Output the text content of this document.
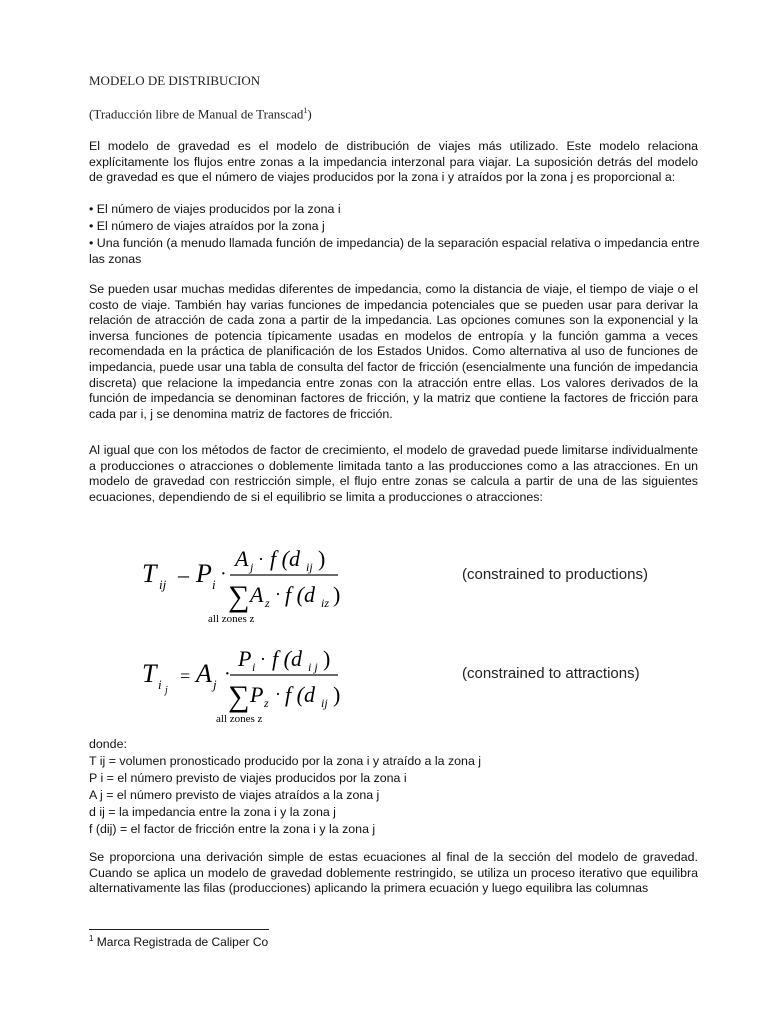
MODELO DE DISTRIBUCION
(Traducción libre de Manual de Transcad$^1$)

El modelo de gravedad es el modelo de distribución de viajes más utilizado. Este modelo relaciona explícitamente los flujos entre zonas a la impedancia interzonal para viajar. La suposición detrás del modelo de gravedad es que el número de viajes producidos por la zona i y atraídos por la zona j es proporcional a:

• El número de viajes producidos por la zona i
• El número de viajes atraídos por la zona j
• Una función (a menudo llamada función de impedancia) de la separación espacial relativa o impedancia entre las zonas

Se pueden usar muchas medidas diferentes de impedancia, como la distancia de viaje, el tiempo de viaje o el costo de viaje. También hay varias funciones de impedancia potenciales que se pueden usar para derivar la relación de atracción de cada zona a partir de la impedancia. Las opciones comunes son la exponencial y la inversa funciones de potencia típicamente usadas en modelos de entropía y la función gamma a veces recomendada en la práctica de planificación de los Estados Unidos. Como alternativa al uso de funciones de impedancia, puede usar una tabla de consulta del factor de fricción (esencialmente una función de impedancia discreta) que relacione la impedancia entre zonas con la atracción entre ellas. Los valores derivados de la función de impedancia se denominan factores de fricción, y la matriz que contiene la factores de fricción para cada par i, j se denomina matriz de factores de fricción.

Al igual que con los métodos de factor de crecimiento, el modelo de gravedad puede limitarse individualmente a producciones o atracciones o doblemente limitada tanto a las producciones como a las atracciones. En un modelo de gravedad con restricción simple, el flujo entre zonas se calcula a partir de una de las siguientes ecuaciones, dependiendo de si el equilibrio se limita a producciones o atracciones:

T ij – P i ·
A j · f (d ij )
∑ A z · f (d iz )
all zones z
(constrained to productions)
T i j
= A j ·
P i · f (d i j )
∑ P z · f (d ij )
all zones z
(constrained to attractions)
donde:
T ij = volumen pronosticado producido por la zona i y atraído a la zona j
P i = el número previsto de viajes producidos por la zona i
A j = el número previsto de viajes atraídos a la zona j
d ij = la impedancia entre la zona i y la zona j
f (dij) = el factor de fricción entre la zona i y la zona j

Se proporciona una derivación simple de estas ecuaciones al final de la sección del modelo de gravedad. Cuando se aplica un modelo de gravedad doblemente restringido, se utiliza un proceso iterativo que equilibra alternativamente las filas (producciones) aplicando la primera ecuación y luego equilibra las columnas

$^1$ Marca Registrada de Caliper Co
